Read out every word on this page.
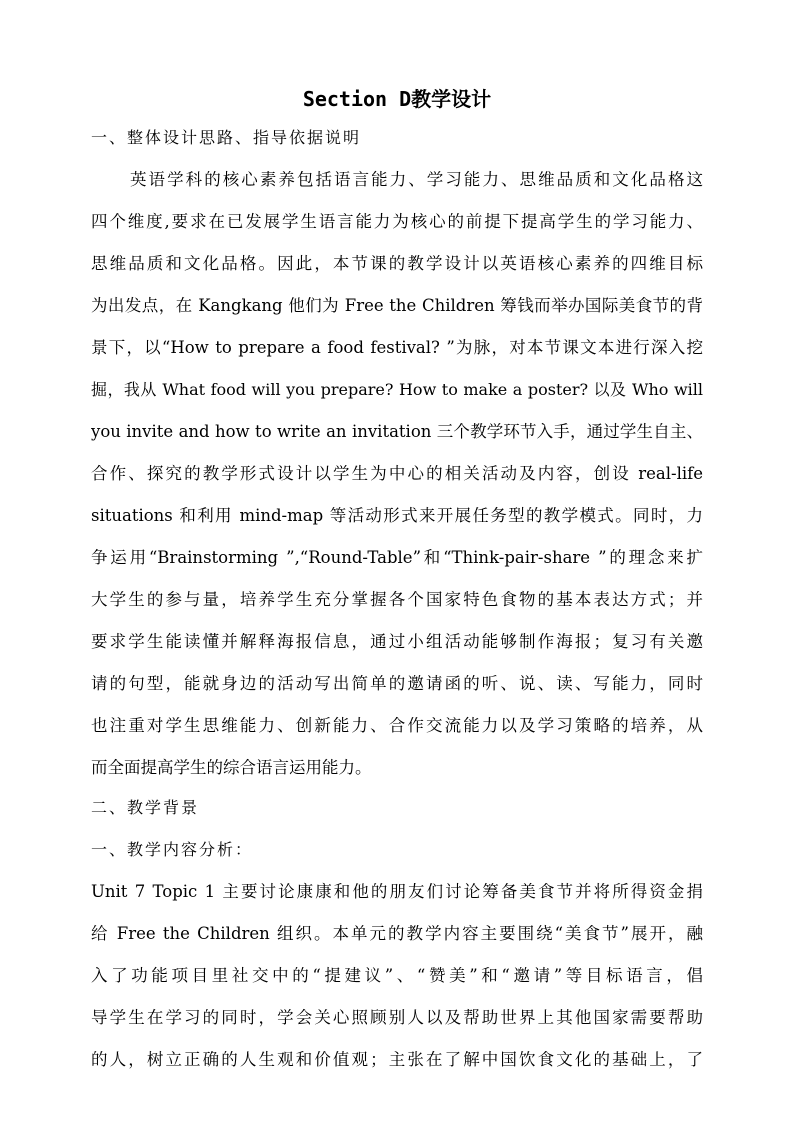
Section D教学设计
一、整体设计思路、指导依据说明
英语学科的核心素养包括语言能力、学习能力、思维品质和文化品格这
四个维度,要求在已发展学生语言能力为核心的前提下提高学生的学习能力、
思维品质和文化品格。因此，本节课的教学设计以英语核心素养的四维目标
为出发点，在 Kangkang 他们为 Free the Children 筹钱而举办国际美食节的背
景下，以“How to prepare a food festival? ”为脉，对本节课文本进行深入挖
掘，我从 What food will you prepare? How to make a poster? 以及 Who will
you invite and how to write an invitation 三个教学环节入手，通过学生自主、
合作、探究的教学形式设计以学生为中心的相关活动及内容，创设 real-life
situations 和利用 mind-map 等活动形式来开展任务型的教学模式。同时，力
争运用“Brainstorming ”,“Round-Table”和“Think-pair-share ”的理念来扩
大学生的参与量，培养学生充分掌握各个国家特色食物的基本表达方式；并
要求学生能读懂并解释海报信息，通过小组活动能够制作海报；复习有关邀
请的句型，能就身边的活动写出简单的邀请函的听、说、读、写能力，同时
也注重对学生思维能力、创新能力、合作交流能力以及学习策略的培养，从
而全面提高学生的综合语言运用能力。
二、教学背景
一、教学内容分析：
Unit 7 Topic 1 主要讨论康康和他的朋友们讨论筹备美食节并将所得资金捐
给 Free the Children 组织。本单元的教学内容主要围绕“美食节”展开，融
入了功能项目里社交中的“提建议”、“赞美”和“邀请”等目标语言，倡
导学生在学习的同时，学会关心照顾别人以及帮助世界上其他国家需要帮助
的人，树立正确的人生观和价值观；主张在了解中国饮食文化的基础上，了
